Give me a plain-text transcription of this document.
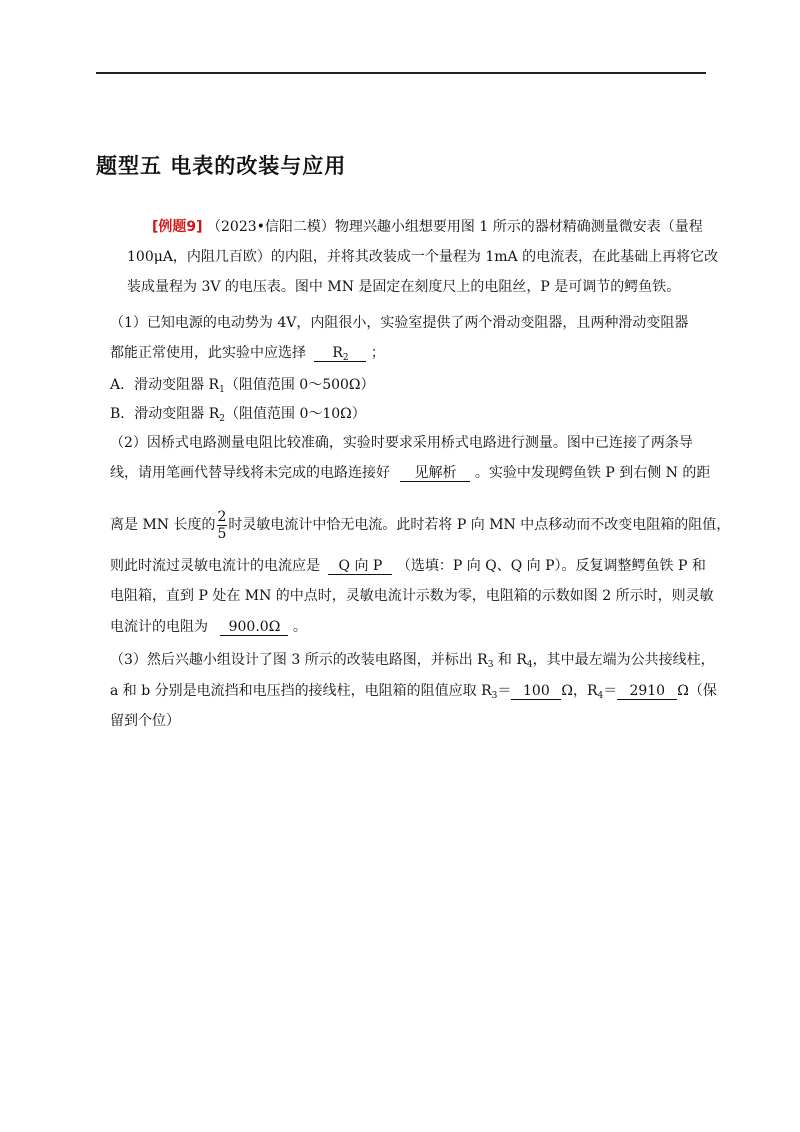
题型五 电表的改装与应用
[例题9] （2023•信阳二模）物理兴趣小组想要用图 1 所示的器材精确测量微安表（量程
100μA，内阻几百欧）的内阻，并将其改装成一个量程为 1mA 的电流表，在此基础上再将它改
装成量程为 3V 的电压表。图中 MN 是固定在刻度尺上的电阻丝，P 是可调节的鳄鱼铁。
（1）已知电源的电动势为 4V，内阻很小，实验室提供了两个滑动变阻器，且两种滑动变阻器
都能正常使用，此实验中应选择 $R_2$ ；
A．滑动变阻器 $R_1$（阻值范围 0～500Ω）
B．滑动变阻器 $R_2$（阻值范围 0～10Ω）
（2）因桥式电路测量电阻比较准确，实验时要求采用桥式电路进行测量。图中已连接了两条导
线，请用笔画代替导线将未完成的电路连接好 见解析 。实验中发现鳄鱼铁 P 到右侧 N 的距
离是 MN 长度的 $\frac{2}{5}$ 时灵敏电流计中恰无电流。此时若将 P 向 MN 中点移动而不改变电阻箱的阻值，
则此时流过灵敏电流计的电流应是 Q 向 P （选填：P 向 Q、Q 向 P）。反复调整鳄鱼铁 P 和
电阻箱，直到 P 处在 MN 的中点时，灵敏电流计示数为零，电阻箱的示数如图 2 所示时，则灵敏
电流计的电阻为 900.0Ω 。
（3）然后兴趣小组设计了图 3 所示的改装电路图，并标出 $R_3$ 和 $R_4$，其中最左端为公共接线柱，
a 和 b 分别是电流挡和电压挡的接线柱，电阻箱的阻值应取 $R_3= 100$ Ω，$R_4= 2910$ Ω（保
留到个位）
